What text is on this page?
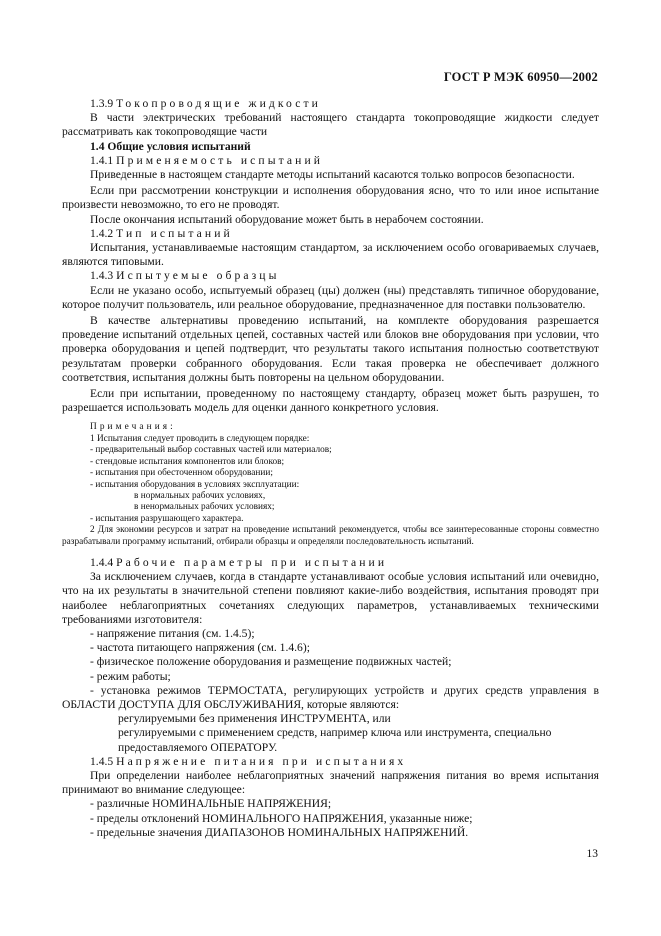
ГОСТ Р МЭК 60950—2002

1.3.9 Токопроводящие жидкости

В части электрических требований настоящего стандарта токопроводящие жидкости следует рассматривать как токопроводящие части

1.4 Общие условия испытаний

1.4.1 Применяемость испытаний

Приведенные в настоящем стандарте методы испытаний касаются только вопросов безопасности.

Если при рассмотрении конструкции и исполнения оборудования ясно, что то или иное испытание произвести невозможно, то его не проводят.

После окончания испытаний оборудование может быть в нерабочем состоянии.

1.4.2 Тип испытаний

Испытания, устанавливаемые настоящим стандартом, за исключением особо оговариваемых случаев, являются типовыми.

1.4.3 Испытуемые образцы

Если не указано особо, испытуемый образец (цы) должен (ны) представлять типичное оборудование, которое получит пользователь, или реальное оборудование, предназначенное для поставки пользователю.

В качестве альтернативы проведению испытаний, на комплекте оборудования разрешается проведение испытаний отдельных цепей, составных частей или блоков вне оборудования при условии, что проверка оборудования и цепей подтвердит, что результаты такого испытания полностью соответствуют результатам проверки собранного оборудования. Если такая проверка не обеспечивает должного соответствия, испытания должны быть повторены на цельном оборудовании.

Если при испытании, проведенному по настоящему стандарту, образец может быть разрушен, то разрешается использовать модель для оценки данного конкретного условия.

Примечания:

1 Испытания следует проводить в следующем порядке:

- предварительный выбор составных частей или материалов;

- стендовые испытания компонентов или блоков;

- испытания при обесточенном оборудовании;

- испытания оборудования в условиях эксплуатации:

в нормальных рабочих условиях,

в ненормальных рабочих условиях;

- испытания разрушающего характера.

2 Для экономии ресурсов и затрат на проведение испытаний рекомендуется, чтобы все заинтересованные стороны совместно разрабатывали программу испытаний, отбирали образцы и определяли последовательность испытаний.

1.4.4 Рабочие параметры при испытании

За исключением случаев, когда в стандарте устанавливают особые условия испытаний или очевидно, что на их результаты в значительной степени повлияют какие-либо воздействия, испытания проводят при наиболее неблагоприятных сочетаниях следующих параметров, устанавливаемых техническими требованиями изготовителя:

- напряжение питания (см. 1.4.5);

- частота питающего напряжения (см. 1.4.6);

- физическое положение оборудования и размещение подвижных частей;

- режим работы;

- установка режимов ТЕРМОСТАТА, регулирующих устройств и других средств управления в ОБЛАСТИ ДОСТУПА ДЛЯ ОБСЛУЖИВАНИЯ, которые являются:

регулируемыми без применения ИНСТРУМЕНТА, или

регулируемыми с применением средств, например ключа или инструмента, специально предоставляемого ОПЕРАТОРУ.

1.4.5 Напряжение питания при испытаниях

При определении наиболее неблагоприятных значений напряжения питания во время испытания принимают во внимание следующее:

- различные НОМИНАЛЬНЫЕ НАПРЯЖЕНИЯ;

- пределы отклонений НОМИНАЛЬНОГО НАПРЯЖЕНИЯ, указанные ниже;

- предельные значения ДИАПАЗОНОВ НОМИНАЛЬНЫХ НАПРЯЖЕНИЙ.

13
